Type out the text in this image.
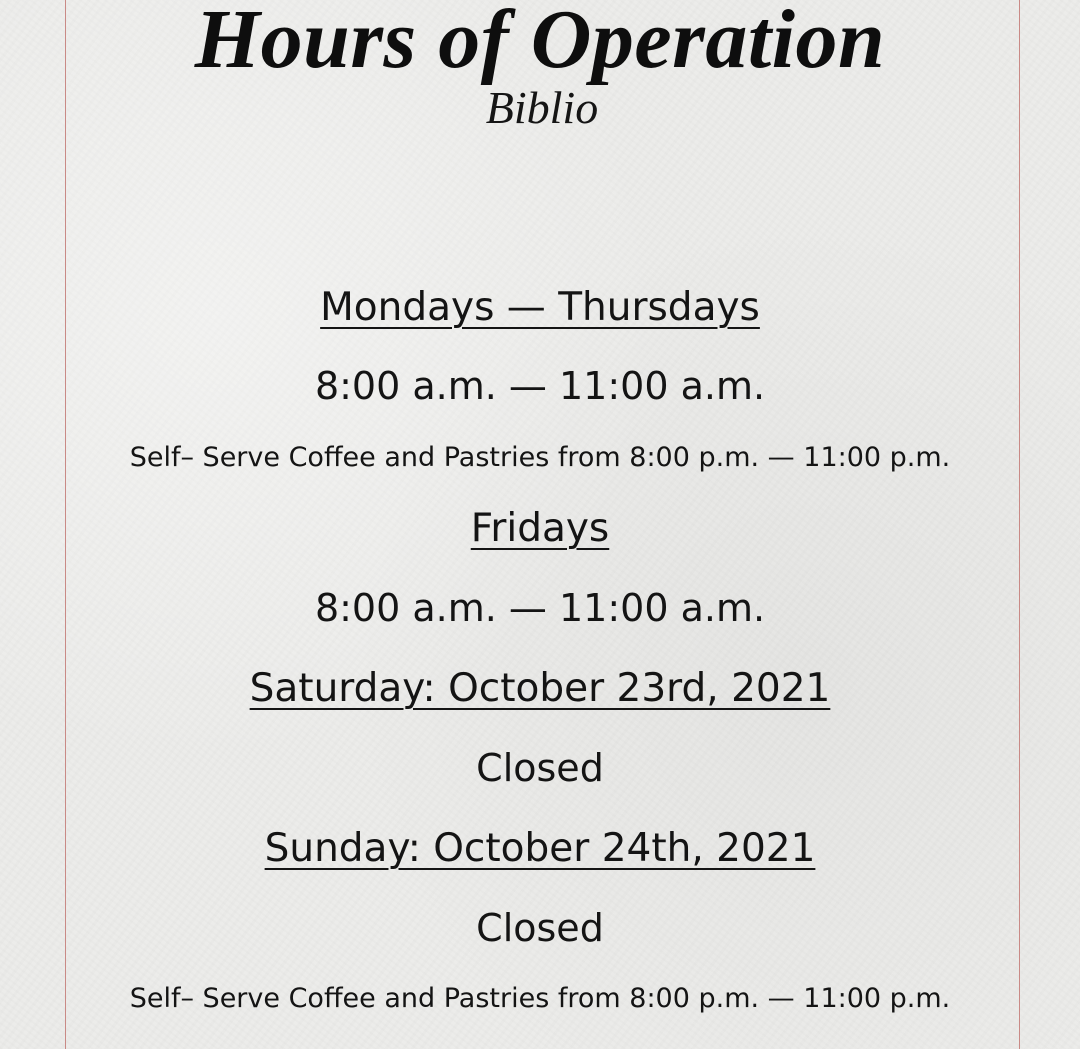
Hours of Operation
Biblio
Mondays — Thursdays
8:00 a.m. — 11:00 a.m.
Self– Serve Coffee and Pastries from 8:00 p.m. — 11:00 p.m.
Fridays
8:00 a.m. — 11:00 a.m.
Saturday: October 23rd, 2021
Closed
Sunday: October 24th, 2021
Closed
Self– Serve Coffee and Pastries from 8:00 p.m. — 11:00 p.m.
